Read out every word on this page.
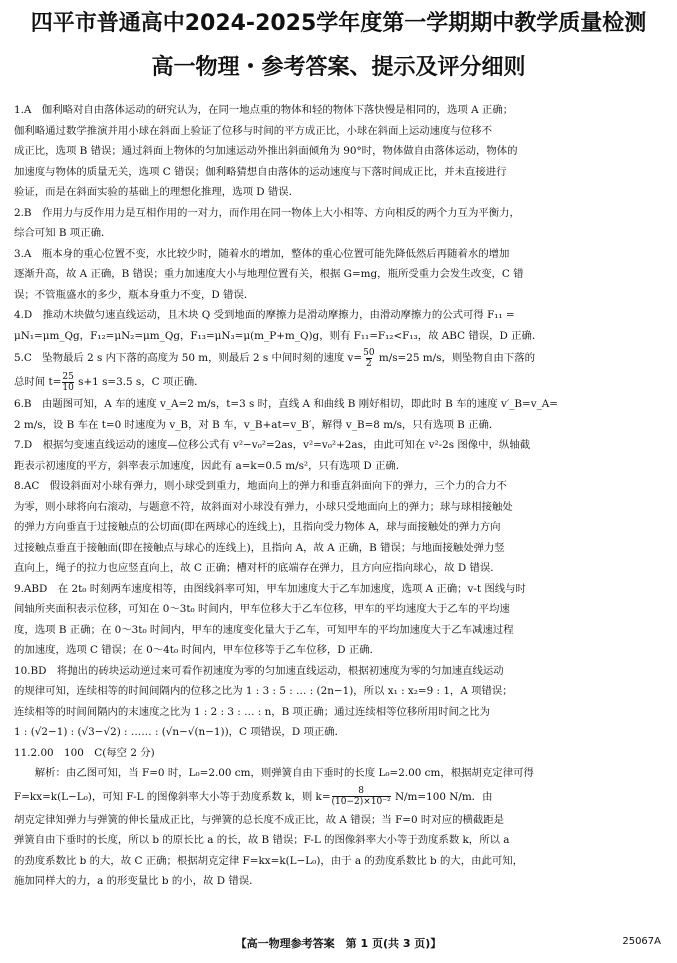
四平市普通高中2024-2025学年度第一学期期中教学质量检测
高一物理・参考答案、提示及评分细则

1.A　伽利略对自由落体运动的研究认为，在同一地点重的物体和轻的物体下落快慢是相同的，选项 A 正确；

伽利略通过数学推演并用小球在斜面上验证了位移与时间的平方成正比，小球在斜面上运动速度与位移不

成正比，选项 B 错误；通过斜面上物体的匀加速运动外推出斜面倾角为 90°时，物体做自由落体运动，物体的

加速度与物体的质量无关，选项 C 错误；伽利略猜想自由落体的运动速度与下落时间成正比，并未直接进行

验证，而是在斜面实验的基础上的理想化推理，选项 D 错误．

2.B　作用力与反作用力是互相作用的一对力，而作用在同一物体上大小相等、方向相反的两个力互为平衡力，

综合可知 B 项正确．

3.A　瓶本身的重心位置不变，水比较少时，随着水的增加，整体的重心位置可能先降低然后再随着水的增加

逐渐升高，故 A 正确，B 错误；重力加速度大小与地理位置有关，根据 G=mg，瓶所受重力会发生改变，C 错

误；不管瓶盛水的多少，瓶本身重力不变，D 错误．

4.D　推动木块做匀速直线运动，且木块 Q 受到地面的摩擦力是滑动摩擦力，由滑动摩擦力的公式可得 F₁₁ =

μN₁=μm_Qg，F₁₂=μN₂=μm_Qg，F₁₃=μN₃=μ(m_P+m_Q)g，则有 F₁₁=F₁₂<F₁₃，故 ABC 错误，D 正确．

5.C　坠物最后 2 s 内下落的高度为 50 m，则最后 2 s 中间时刻的速度 $v= \frac{50}{2} m/s=25$ m/s，则坠物自由下落的

总时间 $t= \frac{25}{10} s+1$ s=3.5 s，C 项正确．

6.B　由题图可知，A 车的速度 v_A=2 m/s，t=3 s 时，直线 A 和曲线 B 刚好相切，即此时 B 车的速度 v′_B=v_A=

2 m/s，设 B 车在 t=0 时速度为 v_B，对 B 车，v_B+at=v_B′，解得 v_B=8 m/s，只有选项 B 正确．

7.D　根据匀变速直线运动的速度—位移公式有 v²−v₀²=2as，v²=v₀²+2as，由此可知在 v²-2s 图像中，纵轴截

距表示初速度的平方，斜率表示加速度，因此有 a=k=0.5 m/s²，只有选项 D 正确．

8.AC　假设斜面对小球有弹力，则小球受到重力，地面向上的弹力和垂直斜面向下的弹力，三个力的合力不

为零，则小球将向右滚动，与题意不符，故斜面对小球没有弹力，小球只受地面向上的弹力；球与球相接触处

的弹力方向垂直于过接触点的公切面(即在两球心的连线上)，且指向受力物体 A，球与面接触处的弹力方向

过接触点垂直于接触面(即在接触点与球心的连线上)，且指向 A，故 A 正确，B 错误；与地面接触处弹力竖

直向上，绳子的拉力也应竖直向上，故 C 正确；槽对杆的底端存在弹力，且方向应指向球心，故 D 错误．

9.ABD　在 2t₀ 时刻两车速度相等，由图线斜率可知，甲车加速度大于乙车加速度，选项 A 正确；v-t 图线与时

间轴所夹面积表示位移，可知在 0～3t₀ 时间内，甲车位移大于乙车位移，甲车的平均速度大于乙车的平均速

度，选项 B 正确；在 0～3t₀ 时间内，甲车的速度变化量大于乙车，可知甲车的平均加速度大于乙车减速过程

的加速度，选项 C 错误；在 0～4t₀ 时间内，甲车位移等于乙车位移，D 正确．

10.BD　将抛出的砖块运动逆过来可看作初速度为零的匀加速直线运动，根据初速度为零的匀加速直线运动

的规律可知，连续相等的时间间隔内的位移之比为 1 : 3 : 5 : … : (2n−1)，所以 x₁ : x₂=9 : 1，A 项错误；

连续相等的时间间隔内的末速度之比为 1 : 2 : 3 : … : n，B 项正确；通过连续相等位移所用时间之比为

1 : (√2−1) : (√3−√2) : …… : (√n−√(n−1))，C 项错误，D 项正确．

11.2.00　100　C(每空 2 分)

　　解析：由乙图可知，当 F=0 时，L₀=2.00 cm，则弹簧自由下垂时的长度 L₀=2.00 cm，根据胡克定律可得

F=kx=k(L−L₀)，可知 F-L 的图像斜率大小等于劲度系数 k，则 $k= \frac{8}{\text{(10−2)×10⁻²}} N/m=100$ N/m．由

胡克定律知弹力与弹簧的伸长量成正比，与弹簧的总长度不成正比，故 A 错误；当 F=0 时对应的横截距是

弹簧自由下垂时的长度，所以 b 的原长比 a 的长，故 B 错误；F-L 的图像斜率大小等于劲度系数 k，所以 a

的劲度系数比 b 的大，故 C 正确；根据胡克定律 F=kx=k(L−L₀)，由于 a 的劲度系数比 b 的大，由此可知，

施加同样大的力，a 的形变量比 b 的小，故 D 错误．

【高一物理参考答案　第 1 页(共 3 页)】	25067A
